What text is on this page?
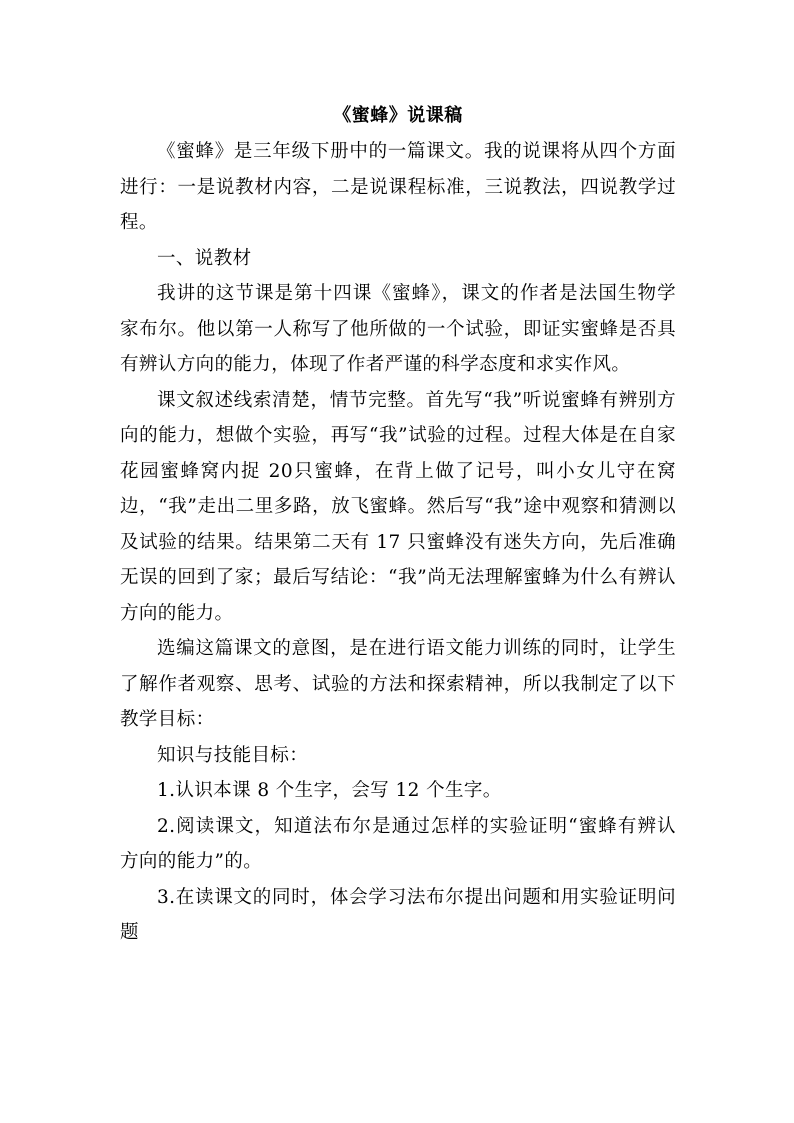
《蜜蜂》说课稿

《蜜蜂》是三年级下册中的一篇课文。我的说课将从四个方面进行：一是说教材内容，二是说课程标准，三说教法，四说教学过程。

一、说教材

我讲的这节课是第十四课《蜜蜂》，课文的作者是法国生物学家布尔。他以第一人称写了他所做的一个试验，即证实蜜蜂是否具有辨认方向的能力，体现了作者严谨的科学态度和求实作风。

课文叙述线索清楚，情节完整。首先写“我”听说蜜蜂有辨别方向的能力，想做个实验，再写“我”试验的过程。过程大体是在自家花园蜜蜂窝内捉 20只蜜蜂，在背上做了记号，叫小女儿守在窝边，“我”走出二里多路，放飞蜜蜂。然后写“我”途中观察和猜测以及试验的结果。结果第二天有 17 只蜜蜂没有迷失方向，先后准确无误的回到了家；最后写结论：“我”尚无法理解蜜蜂为什么有辨认方向的能力。

选编这篇课文的意图，是在进行语文能力训练的同时，让学生了解作者观察、思考、试验的方法和探索精神，所以我制定了以下教学目标：

知识与技能目标：

1.认识本课 8 个生字，会写 12 个生字。

2.阅读课文，知道法布尔是通过怎样的实验证明“蜜蜂有辨认方向的能力”的。

3.在读课文的同时，体会学习法布尔提出问题和用实验证明问题
